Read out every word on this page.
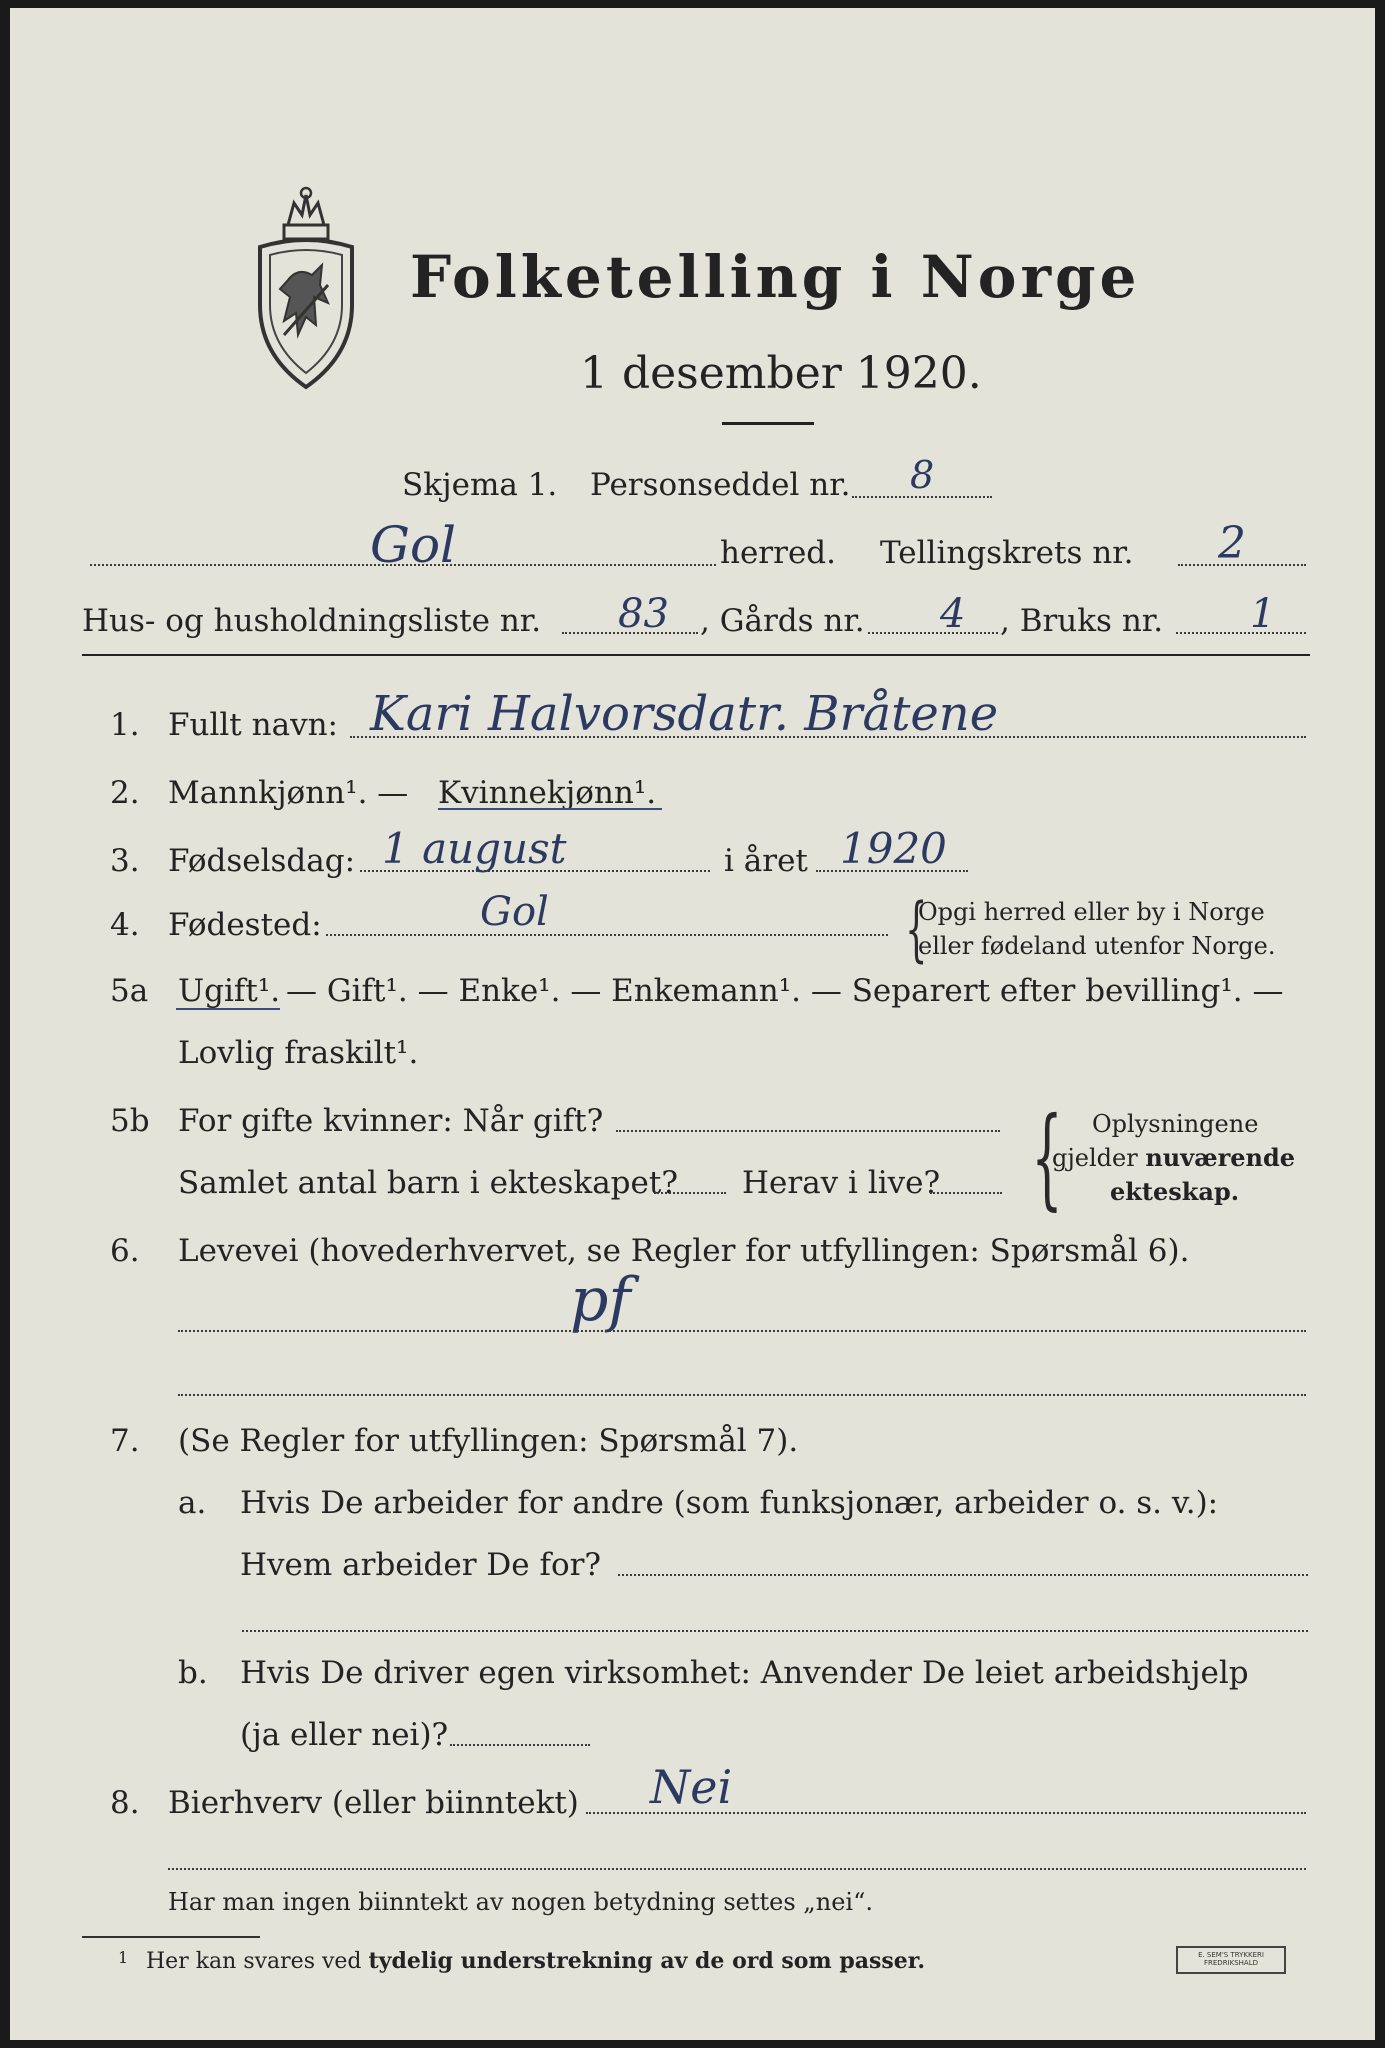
Folketelling i Norge
1 desember 1920.
Skjema 1. Personseddel nr. 8
Gol	herred. Tellingskrets nr. 2
Hus- og husholdningsliste nr. 83 , Gårds nr. 4 , Bruks nr. 1
1. Fullt navn: Kari Halvorsdatr. Bråtene
2. Mannkjønn¹. — Kvinnekjønn¹.
3. Fødselsdag: 1 august	i året 1920
4. Fødested:	Gol	{
Opgi herred eller by i Norge
eller fødeland utenfor Norge.
5a Ugift¹. — Gift¹. — Enke¹. — Enkemann¹. — Separert efter bevilling¹. —
Lovlig fraskilt¹.
5b For gifte kvinner: Når gift?
Samlet antal barn i ekteskapet? Herav i live? { Oplysningene
gjelder nuværende
ekteskap.
6. Levevei (hovederhvervet, se Regler for utfyllingen: Spørsmål 6).
pf
7. (Se Regler for utfyllingen: Spørsmål 7).
a. Hvis De arbeider for andre (som funksjonær, arbeider o. s. v.):
Hvem arbeider De for?
b. Hvis De driver egen virksomhet: Anvender De leiet arbeidshjelp
(ja eller nei)?
8. Bierhverv (eller biinntekt) Nei
Har man ingen biinntekt av nogen betydning settes „nei“.
1 Her kan svares ved tydelig understrekning av de ord som passer.	E. SEM'S TRYKKERI FREDRIKSHALD
